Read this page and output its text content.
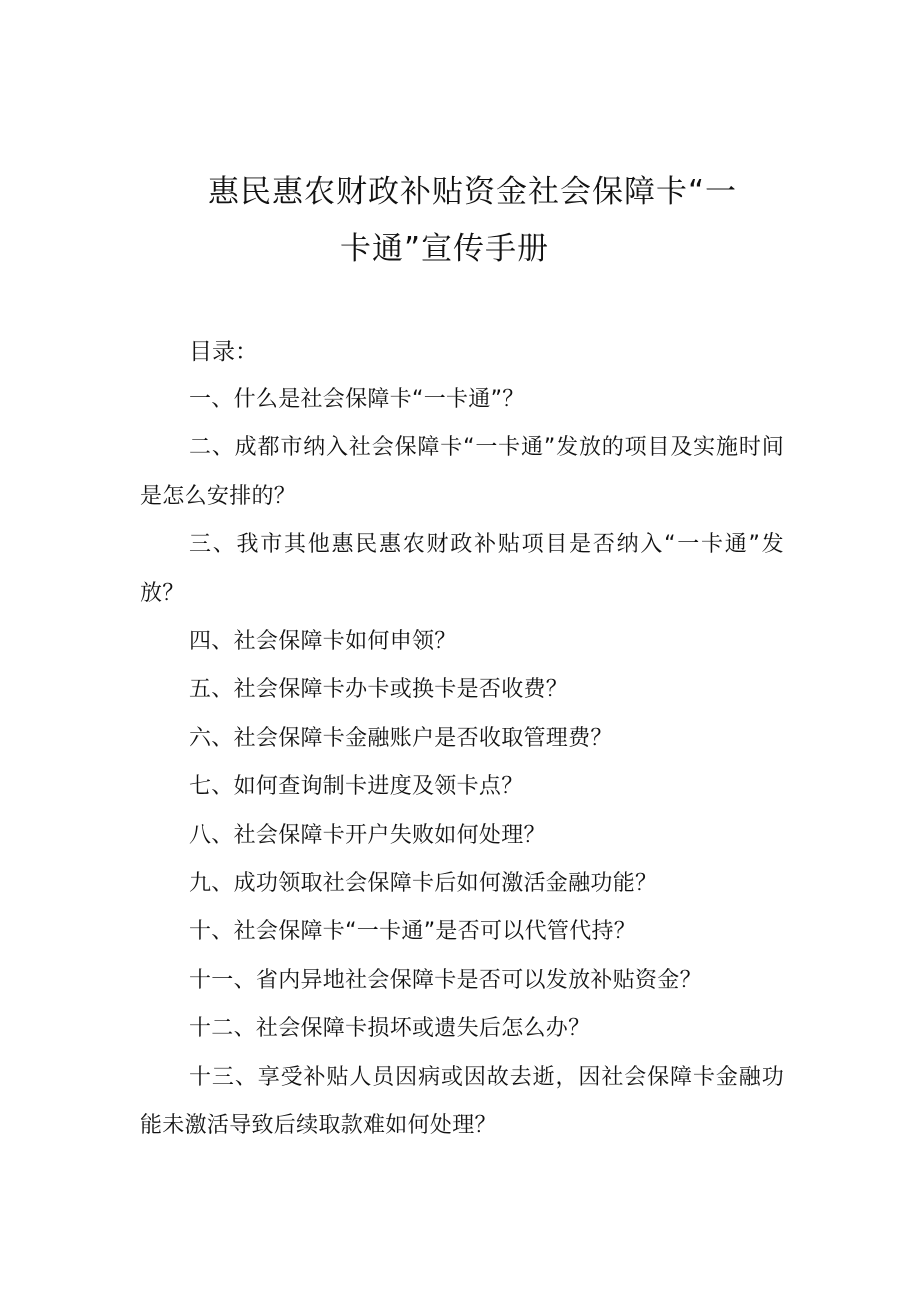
惠民惠农财政补贴资金社会保障卡“一
卡通”宣传手册
目录：
一、什么是社会保障卡“一卡通”？
二、成都市纳入社会保障卡“一卡通”发放的项目及实施时间是怎么安排的？
三、我市其他惠民惠农财政补贴项目是否纳入“一卡通”发放？
四、社会保障卡如何申领？
五、社会保障卡办卡或换卡是否收费？
六、社会保障卡金融账户是否收取管理费？
七、如何查询制卡进度及领卡点？
八、社会保障卡开户失败如何处理？
九、成功领取社会保障卡后如何激活金融功能？
十、社会保障卡“一卡通”是否可以代管代持？
十一、省内异地社会保障卡是否可以发放补贴资金？
十二、社会保障卡损坏或遗失后怎么办？
十三、享受补贴人员因病或因故去逝，因社会保障卡金融功能未激活导致后续取款难如何处理？
